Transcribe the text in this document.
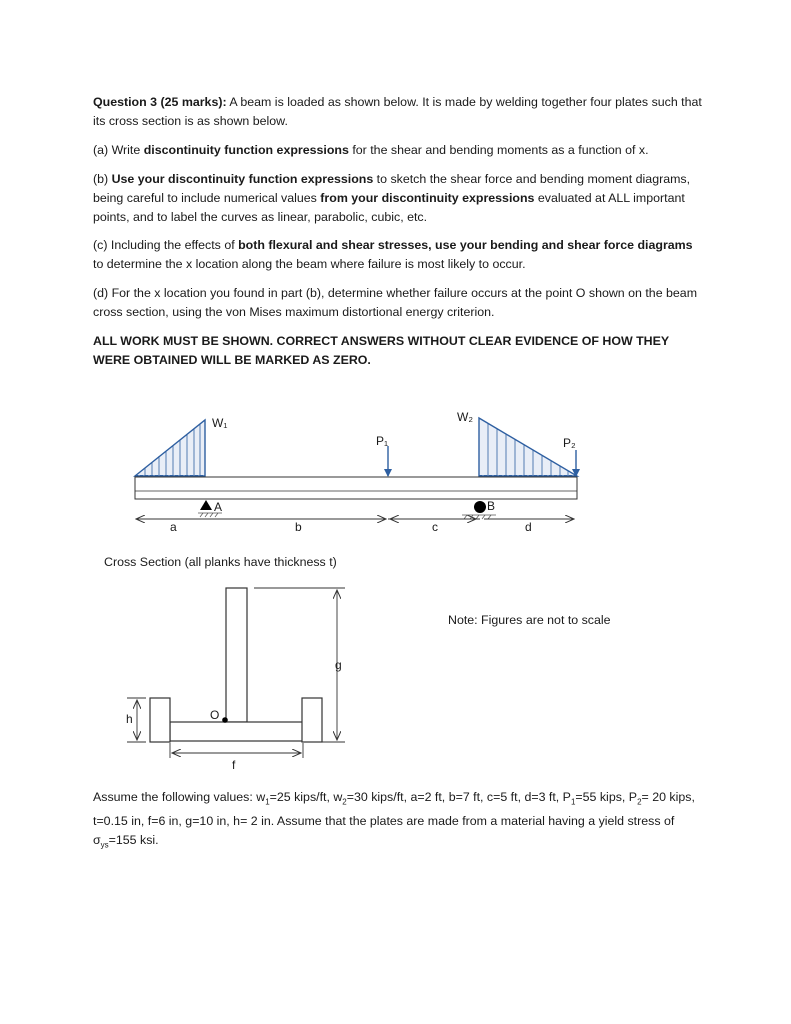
Question 3 (25 marks): A beam is loaded as shown below. It is made by welding together four plates such that its cross section is as shown below.

(a) Write discontinuity function expressions for the shear and bending moments as a function of x.

(b) Use your discontinuity function expressions to sketch the shear force and bending moment diagrams, being careful to include numerical values from your discontinuity expressions evaluated at ALL important points, and to label the curves as linear, parabolic, cubic, etc.

(c) Including the effects of both flexural and shear stresses, use your bending and shear force diagrams to determine the x location along the beam where failure is most likely to occur.

(d) For the x location you found in part (b), determine whether failure occurs at the point O shown on the beam cross section, using the von Mises maximum distortional energy criterion.

ALL WORK MUST BE SHOWN. CORRECT ANSWERS WITHOUT CLEAR EVIDENCE OF HOW THEY WERE OBTAINED WILL BE MARKED AS ZERO.

W₁	W₂
P₁	P₂
A	B
a	b	c	d
Cross Section (all planks have thickness t)
Note: Figures are not to scale
O
h
f
g

Assume the following values: $w_1=25$ kips/ft, $w_2=30$ kips/ft, a=2 ft, b=7 ft, c=5 ft, d=3 ft, $P_1=55$ kips, $P_2= 20$ kips, t=0.15 in, f=6 in, g=10 in, h= 2 in. Assume that the plates are made from a material having a yield stress of $\sigma_{ys}=155$ ksi.
